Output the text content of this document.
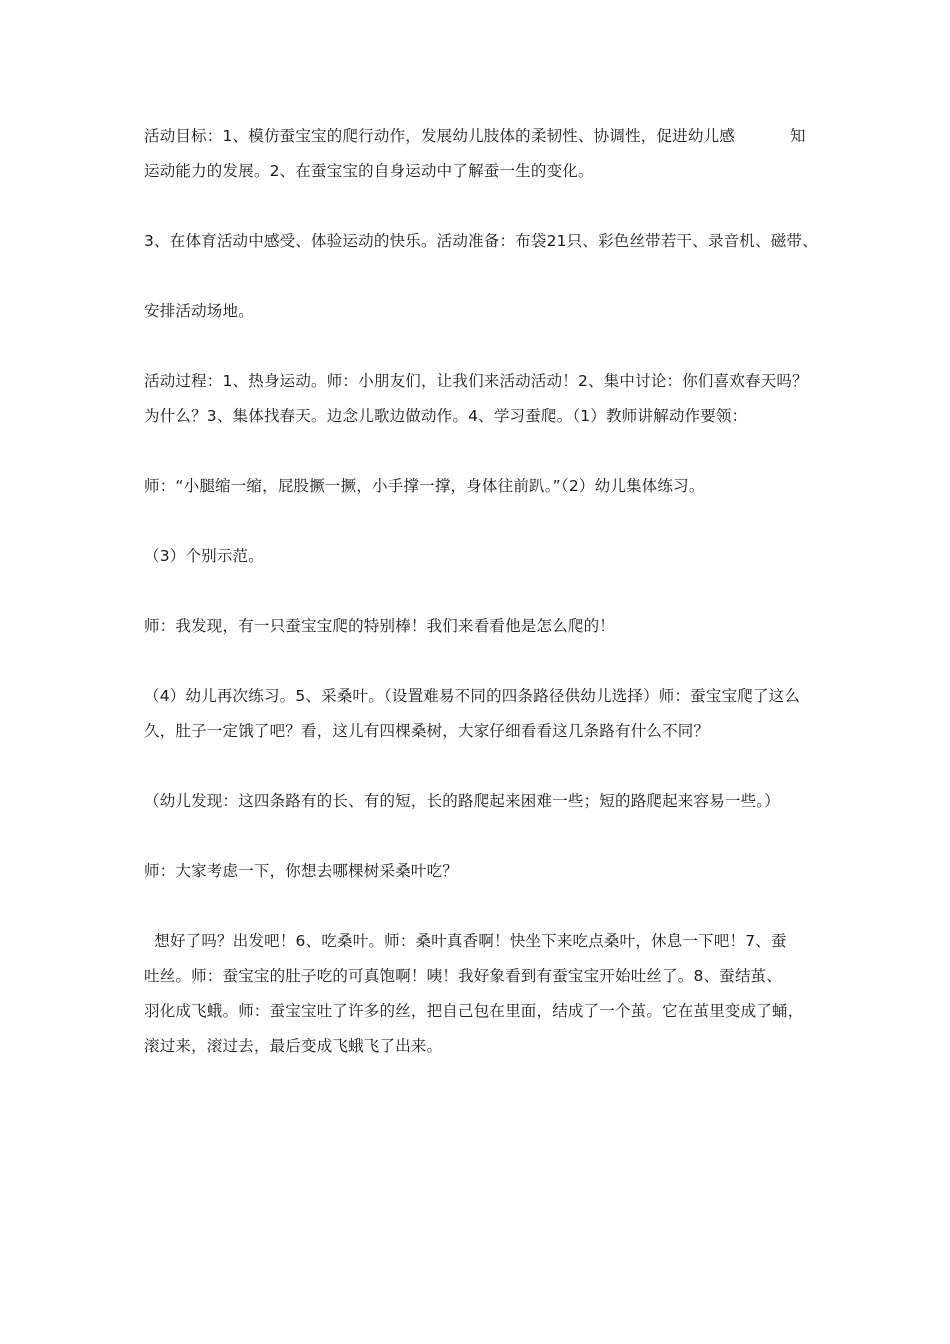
活动目标：1、模仿蚕宝宝的爬行动作，发展幼儿肢体的柔韧性、协调性，促进幼儿感	知
运动能力的发展。2、在蚕宝宝的自身运动中了解蚕一生的变化。
3、在体育活动中感受、体验运动的快乐。活动准备：布袋21只、彩色丝带若干、录音机、磁带、
安排活动场地。
活动过程：1、热身运动。师：小朋友们，让我们来活动活动！2、集中讨论：你们喜欢春天吗？
为什么？3、集体找春天。边念儿歌边做动作。4、学习蚕爬。（1）教师讲解动作要领：
师：“小腿缩一缩，屁股撅一撅，小手撑一撑，身体往前趴。”（2）幼儿集体练习。
（3）个别示范。
师：我发现，有一只蚕宝宝爬的特别棒！我们来看看他是怎么爬的！
（4）幼儿再次练习。5、采桑叶。（设置难易不同的四条路径供幼儿选择）师：蚕宝宝爬了这么
久，肚子一定饿了吧？看，这儿有四棵桑树，大家仔细看看这几条路有什么不同？
（幼儿发现：这四条路有的长、有的短，长的路爬起来困难一些；短的路爬起来容易一些。）
师：大家考虑一下，你想去哪棵树采桑叶吃？
想好了吗？出发吧！6、吃桑叶。师：桑叶真香啊！快坐下来吃点桑叶，休息一下吧！7、蚕
吐丝。师：蚕宝宝的肚子吃的可真饱啊！咦！我好象看到有蚕宝宝开始吐丝了。8、蚕结茧、
羽化成飞蛾。师：蚕宝宝吐了许多的丝，把自己包在里面，结成了一个茧。它在茧里变成了蛹，
滚过来，滚过去，最后变成飞蛾飞了出来。
